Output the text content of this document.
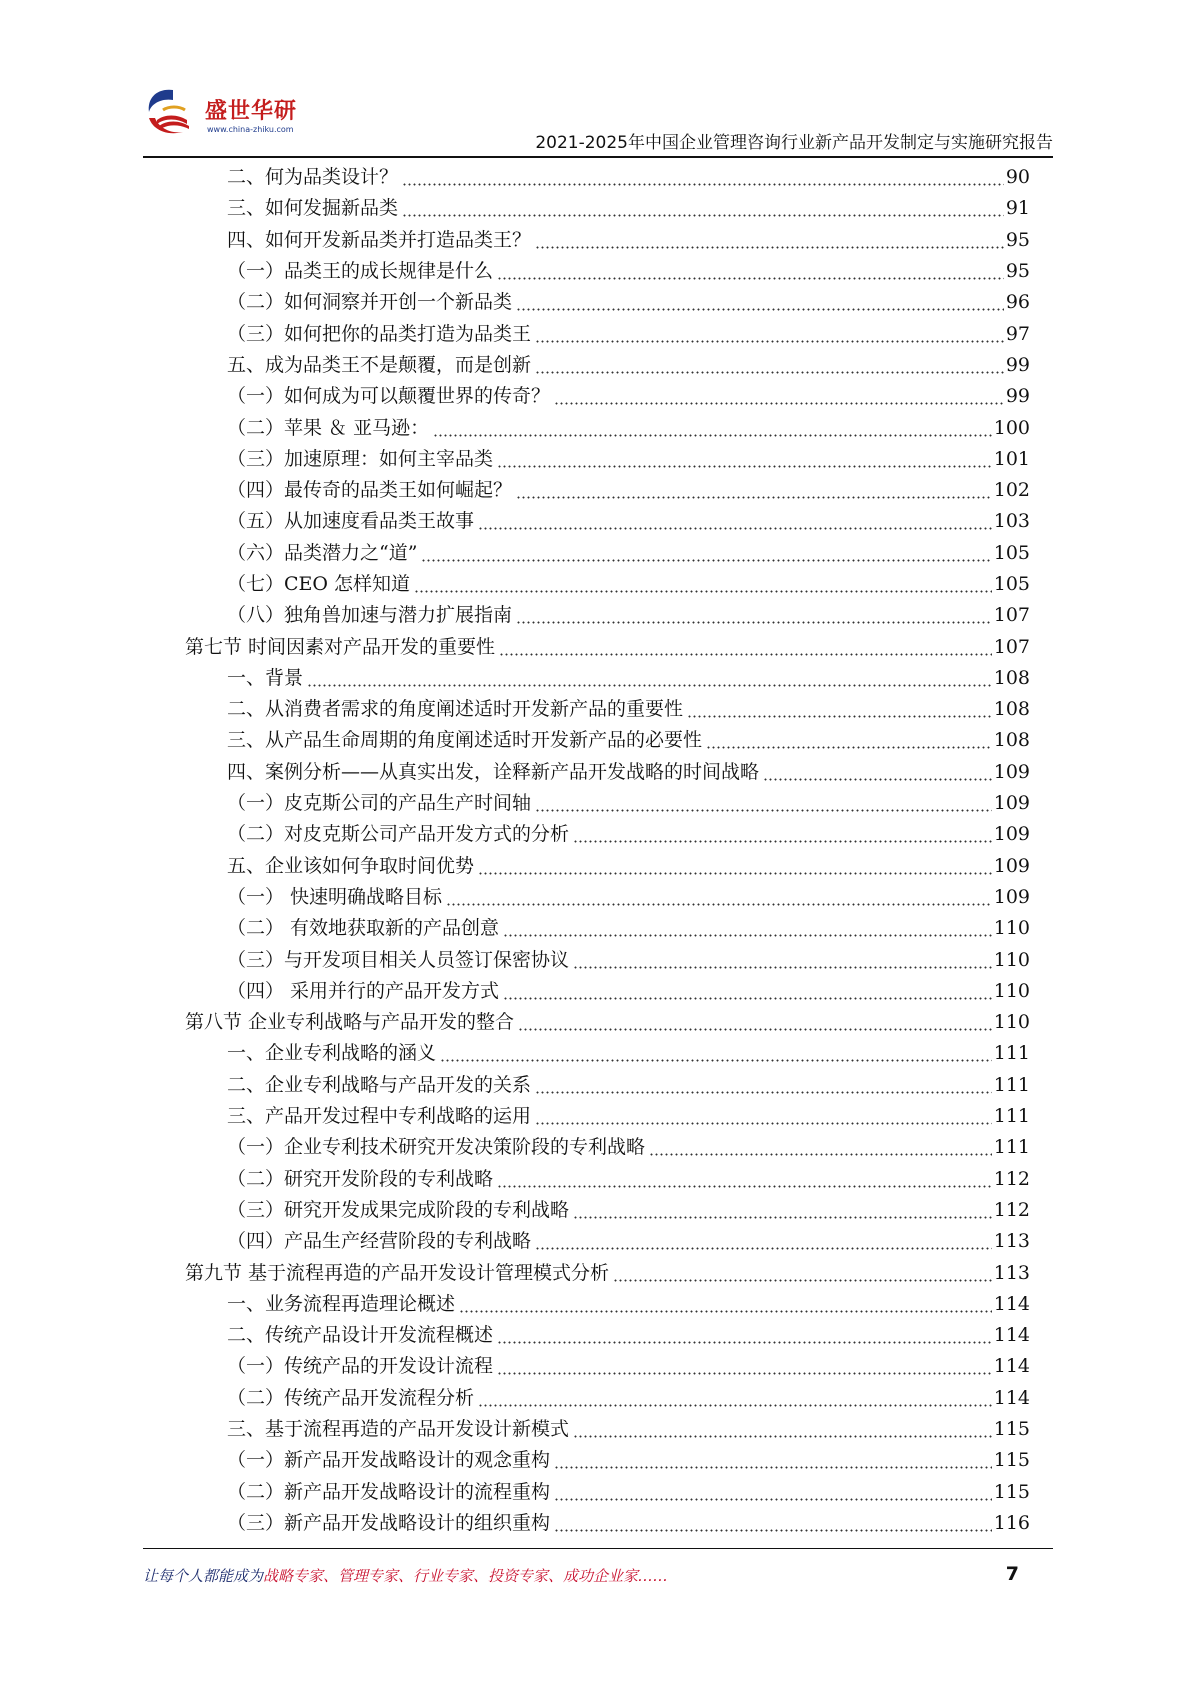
盛世华研
www.china-zhiku.com
2021-2025年中国企业管理咨询行业新产品开发制定与实施研究报告
二、何为品类设计？	90
三、如何发掘新品类	91
四、如何开发新品类并打造品类王？	95
（一）品类王的成长规律是什么	95
（二）如何洞察并开创一个新品类	96
（三）如何把你的品类打造为品类王	97
五、成为品类王不是颠覆，而是创新	99
（一）如何成为可以颠覆世界的传奇？	99
（二）苹果 ＆ 亚马逊：	100
（三）加速原理：如何主宰品类	101
（四）最传奇的品类王如何崛起？	102
（五）从加速度看品类王故事	103
（六）品类潜力之“道”	105
（七）CEO 怎样知道	105
（八）独角兽加速与潜力扩展指南	107
第七节 时间因素对产品开发的重要性	107
一、背景	108
二、从消费者需求的角度阐述适时开发新产品的重要性	108
三、从产品生命周期的角度阐述适时开发新产品的必要性	108
四、案例分析——从真实出发，诠释新产品开发战略的时间战略	109
（一）皮克斯公司的产品生产时间轴	109
（二）对皮克斯公司产品开发方式的分析	109
五、企业该如何争取时间优势	109
（一） 快速明确战略目标	109
（二） 有效地获取新的产品创意	110
（三）与开发项目相关人员签订保密协议	110
（四） 采用并行的产品开发方式	110
第八节 企业专利战略与产品开发的整合	110
一、企业专利战略的涵义	111
二、企业专利战略与产品开发的关系	111
三、产品开发过程中专利战略的运用	111
（一）企业专利技术研究开发决策阶段的专利战略	111
（二）研究开发阶段的专利战略	112
（三）研究开发成果完成阶段的专利战略	112
（四）产品生产经营阶段的专利战略	113
第九节 基于流程再造的产品开发设计管理模式分析	113
一、业务流程再造理论概述	114
二、传统产品设计开发流程概述	114
（一）传统产品的开发设计流程	114
（二）传统产品开发流程分析	114
三、基于流程再造的产品开发设计新模式	115
（一）新产品开发战略设计的观念重构	115
（二）新产品开发战略设计的流程重构	115
（三）新产品开发战略设计的组织重构	116
让每个人都能成为战略专家、管理专家、行业专家、投资专家、成功企业家……	7
